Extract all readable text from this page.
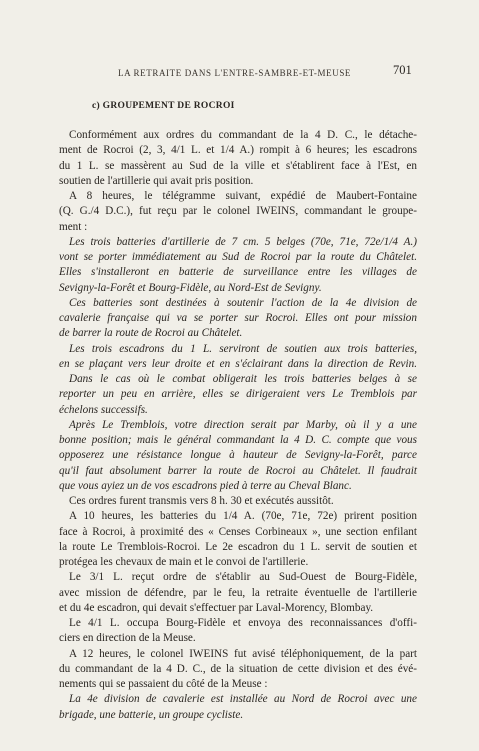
LA RETRAITE DANS L'ENTRE-SAMBRE-ET-MEUSE	701
c) GROUPEMENT DE ROCROI
Conformément aux ordres du commandant de la 4 D. C., le détache-
ment de Rocroi (2, 3, 4/1 L. et 1/4 A.) rompit à 6 heures; les escadrons
du 1 L. se massèrent au Sud de la ville et s'établirent face à l'Est, en
soutien de l'artillerie qui avait pris position.
A 8 heures, le télégramme suivant, expédié de Maubert-Fontaine
(Q. G./4 D.C.), fut reçu par le colonel IWEINS, commandant le groupe-
ment :
Les trois batteries d'artillerie de 7 cm. 5 belges (70e, 71e, 72e/1/4 A.)
vont se porter immédiatement au Sud de Rocroi par la route du Châtelet.
Elles s'installeront en batterie de surveillance entre les villages de
Sevigny-la-Forêt et Bourg-Fidèle, au Nord-Est de Sevigny.
Ces batteries sont destinées à soutenir l'action de la 4e division de
cavalerie française qui va se porter sur Rocroi. Elles ont pour mission
de barrer la route de Rocroi au Châtelet.
Les trois escadrons du 1 L. serviront de soutien aux trois batteries,
en se plaçant vers leur droite et en s'éclairant dans la direction de Revin.
Dans le cas où le combat obligerait les trois batteries belges à se
reporter un peu en arrière, elles se dirigeraient vers Le Tremblois par
échelons successifs.
Après Le Tremblois, votre direction serait par Marby, où il y a une
bonne position; mais le général commandant la 4 D. C. compte que vous
opposerez une résistance longue à hauteur de Sevigny-la-Forêt, parce
qu'il faut absolument barrer la route de Rocroi au Châtelet. Il faudrait
que vous ayiez un de vos escadrons pied à terre au Cheval Blanc.
Ces ordres furent transmis vers 8 h. 30 et exécutés aussitôt.
A 10 heures, les batteries du 1/4 A. (70e, 71e, 72e) prirent position
face à Rocroi, à proximité des « Censes Corbineaux », une section enfilant
la route Le Tremblois-Rocroi. Le 2e escadron du 1 L. servit de soutien et
protégea les chevaux de main et le convoi de l'artillerie.
Le 3/1 L. reçut ordre de s'établir au Sud-Ouest de Bourg-Fidèle,
avec mission de défendre, par le feu, la retraite éventuelle de l'artillerie
et du 4e escadron, qui devait s'effectuer par Laval-Morency, Blombay.
Le 4/1 L. occupa Bourg-Fidèle et envoya des reconnaissances d'offi-
ciers en direction de la Meuse.
A 12 heures, le colonel IWEINS fut avisé téléphoniquement, de la part
du commandant de la 4 D. C., de la situation de cette division et des évé-
nements qui se passaient du côté de la Meuse :
La 4e division de cavalerie est installée au Nord de Rocroi avec une
brigade, une batterie, un groupe cycliste.
